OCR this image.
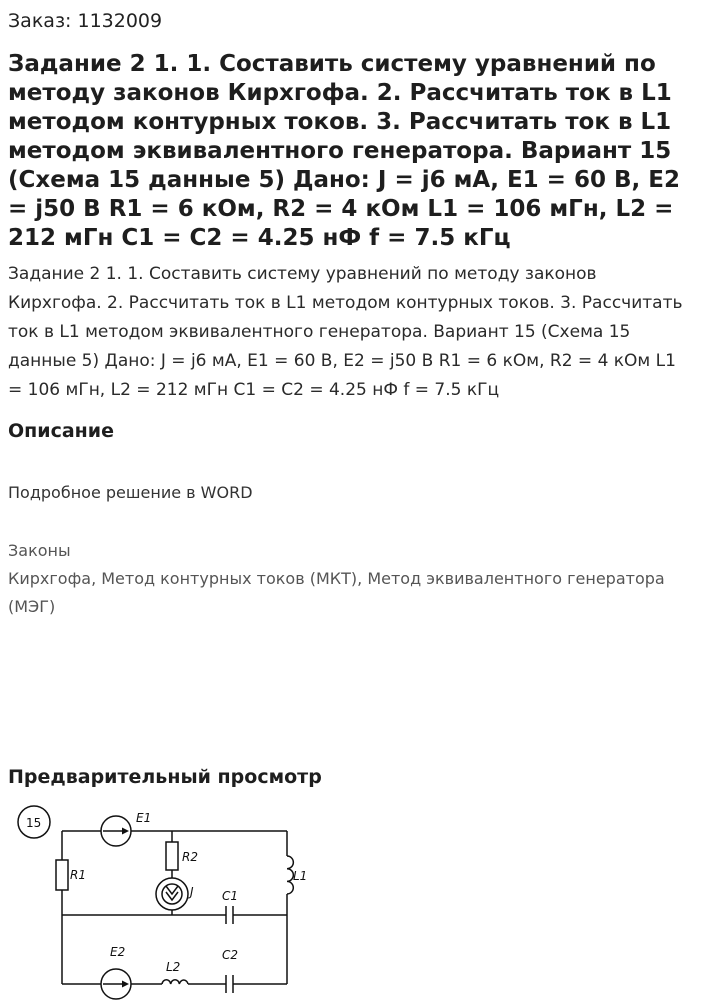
Заказ: 1132009
Задание 2 1. 1. Составить систему уравнений по методу законов Кирхгофа. 2. Рассчитать ток в L1 методом контурных токов. 3. Рассчитать ток в L1 методом эквивалентного генератора. Вариант 15 (Схема 15 данные 5) Дано: J = j6 мА, E1 = 60 В, E2 = j50 В R1 = 6 кОм, R2 = 4 кОм L1 = 106 мГн, L2 = 212 мГн C1 = C2 = 4.25 нФ f = 7.5 кГц
Задание 2 1. 1. Составить систему уравнений по методу законов Кирхгофа. 2. Рассчитать ток в L1 методом контурных токов. 3. Рассчитать ток в L1 методом эквивалентного генератора. Вариант 15 (Схема 15 данные 5) Дано: J = j6 мА, E1 = 60 В, E2 = j50 В R1 = 6 кОм, R2 = 4 кОм L1 = 106 мГн, L2 = 212 мГн C1 = C2 = 4.25 нФ f = 7.5 кГц
Описание
Подробное решение в WORD
Законы
Кирхгофа, Метод контурных токов (МКТ), Метод эквивалентного генератора (МЭГ)
Предварительный просмотр
15	E1
E2
R1
R2
J C1
C2
L1
L2
